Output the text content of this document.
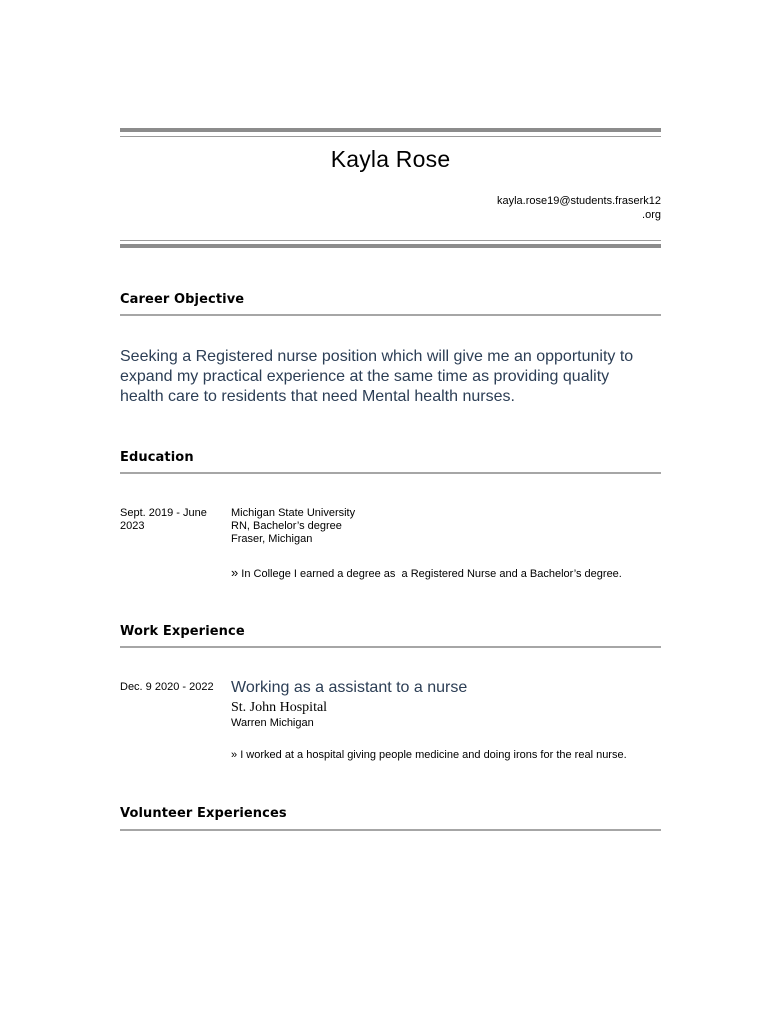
Kayla Rose
kayla.rose19@students.fraserk12
.org
Career Objective
Seeking a Registered nurse position which will give me an opportunity to expand my practical experience at the same time as providing quality health care to residents that need Mental health nurses.
Education
Sept. 2019 - June
2023
Michigan State University
RN, Bachelor’s degree
Fraser, Michigan
» In College I earned a degree as  a Registered Nurse and a Bachelor’s degree.
Work Experience
Dec. 9 2020 - 2022 Working as a assistant to a nurse
St. John Hospital
Warren Michigan
» I worked at a hospital giving people medicine and doing irons for the real nurse.
Volunteer Experiences
